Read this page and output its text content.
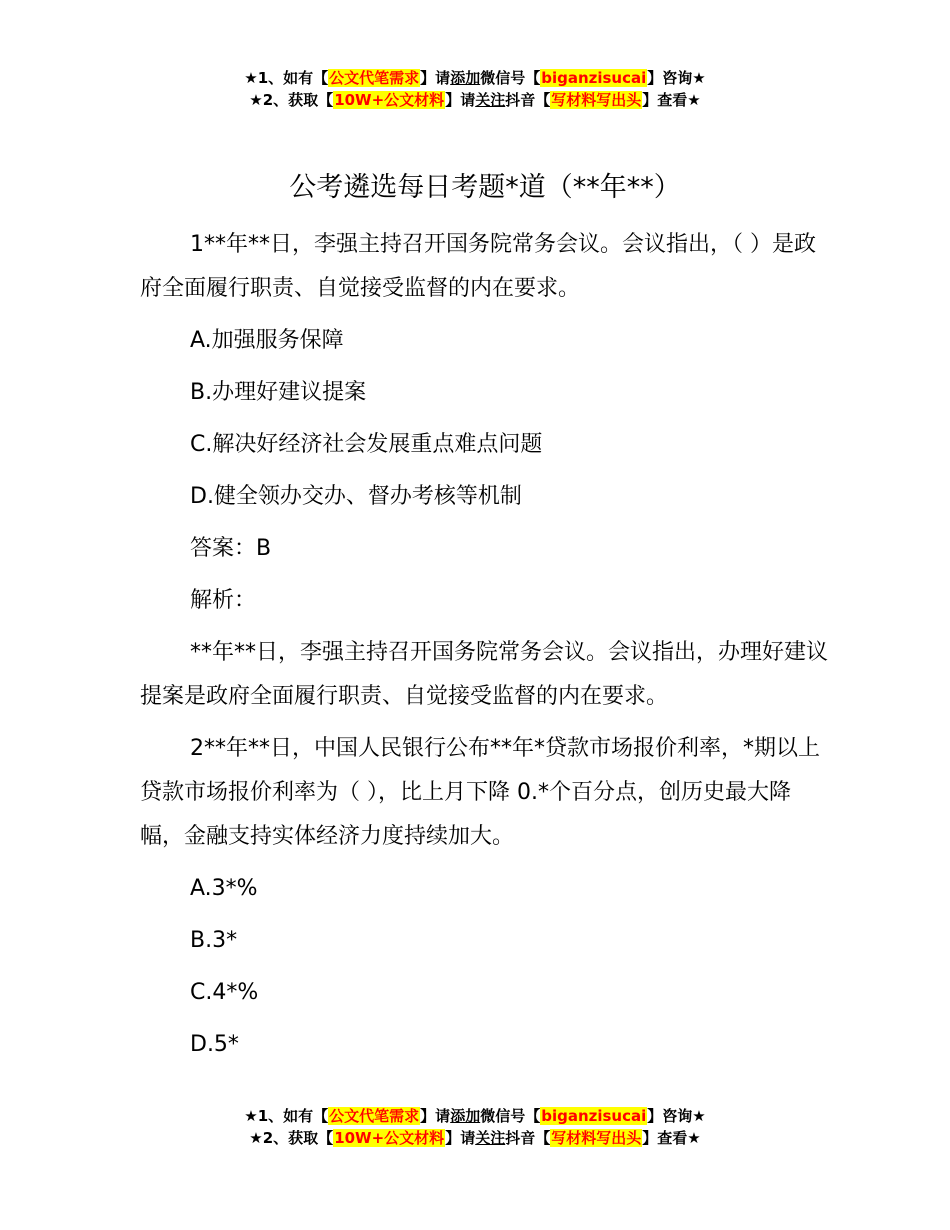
★1、如有【公文代笔需求】请添加微信号【biganzisucai】咨询★
★2、获取【10W+公文材料】请关注抖音【写材料写出头】查看★
公考遴选每日考题*道（**年**）

1**年**日，李强主持召开国务院常务会议。会议指出，（ ）是政府全面履行职责、自觉接受监督的内在要求。

A.加强服务保障

B.办理好建议提案

C.解决好经济社会发展重点难点问题

D.健全领办交办、督办考核等机制

答案：B

解析：

**年**日，李强主持召开国务院常务会议。会议指出，办理好建议提案是政府全面履行职责、自觉接受监督的内在要求。

2**年**日，中国人民银行公布**年*贷款市场报价利率，*期以上贷款市场报价利率为（ ），比上月下降 0.*个百分点，创历史最大降幅，金融支持实体经济力度持续加大。

A.3*%

B.3*

C.4*%

D.5*

★1、如有【公文代笔需求】请添加微信号【biganzisucai】咨询★
★2、获取【10W+公文材料】请关注抖音【写材料写出头】查看★
